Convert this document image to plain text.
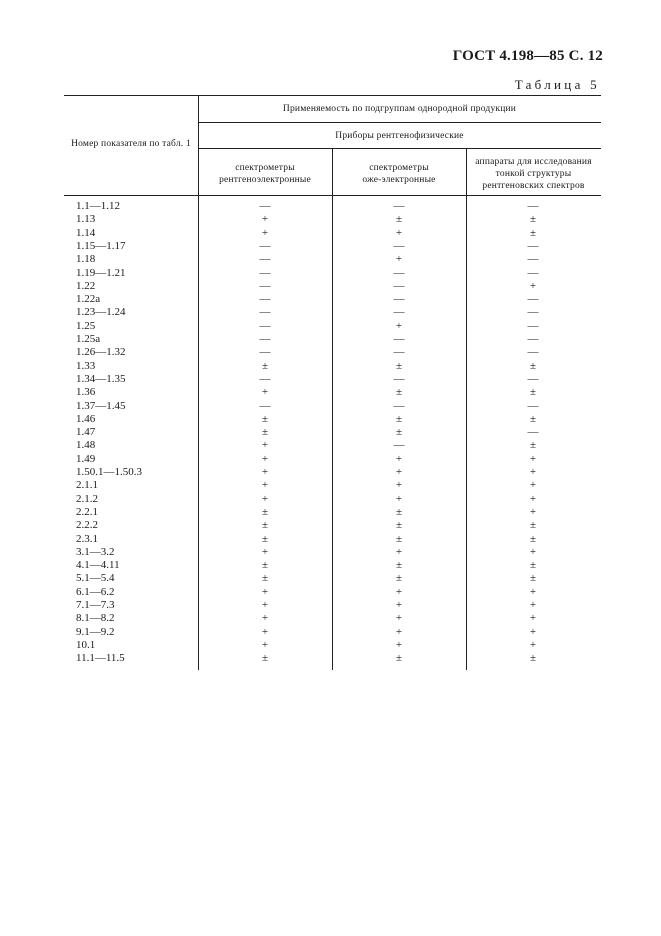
ГОСТ 4.198—85 С. 12
Таблица 5
Номер показателя по табл. 1
Применяемость по подгруппам однородной продукции
Приборы рентгенофизические
спектрометры
рентгеноэлектронные
спектрометры
оже-электронные
аппараты для исследования
тонкой структуры
рентгеновских спектров
1.1—1.12	—	—	—
1.13	+	±	±
1.14	+	+	±
1.15—1.17	—	—	—
1.18	—	+	—
1.19—1.21	—	—	—
1.22	—	—	+
1.22а	—	—	—
1.23—1.24	—	—	—
1.25	—	+	—
1.25а	—	—	—
1.26—1.32	—	—	—
1.33	±	±	±
1.34—1.35	—	—	—
1.36	+	±	±
1.37—1.45	—	—	—
1.46	±	±	±
1.47	±	±	—
1.48	+	—	±
1.49	+	+	+
1.50.1—1.50.3	+	+	+
2.1.1	+	+	+
2.1.2	+	+	+
2.2.1	±	±	+
2.2.2	±	±	±
2.3.1	±	±	±
3.1—3.2	+	+	+
4.1—4.11	±	±	±
5.1—5.4	±	±	±
6.1—6.2	+	+	+
7.1—7.3	+	+	+
8.1—8.2	+	+	+
9.1—9.2	+	+	+
10.1	+	+	+
11.1—11.5	±	±	±
